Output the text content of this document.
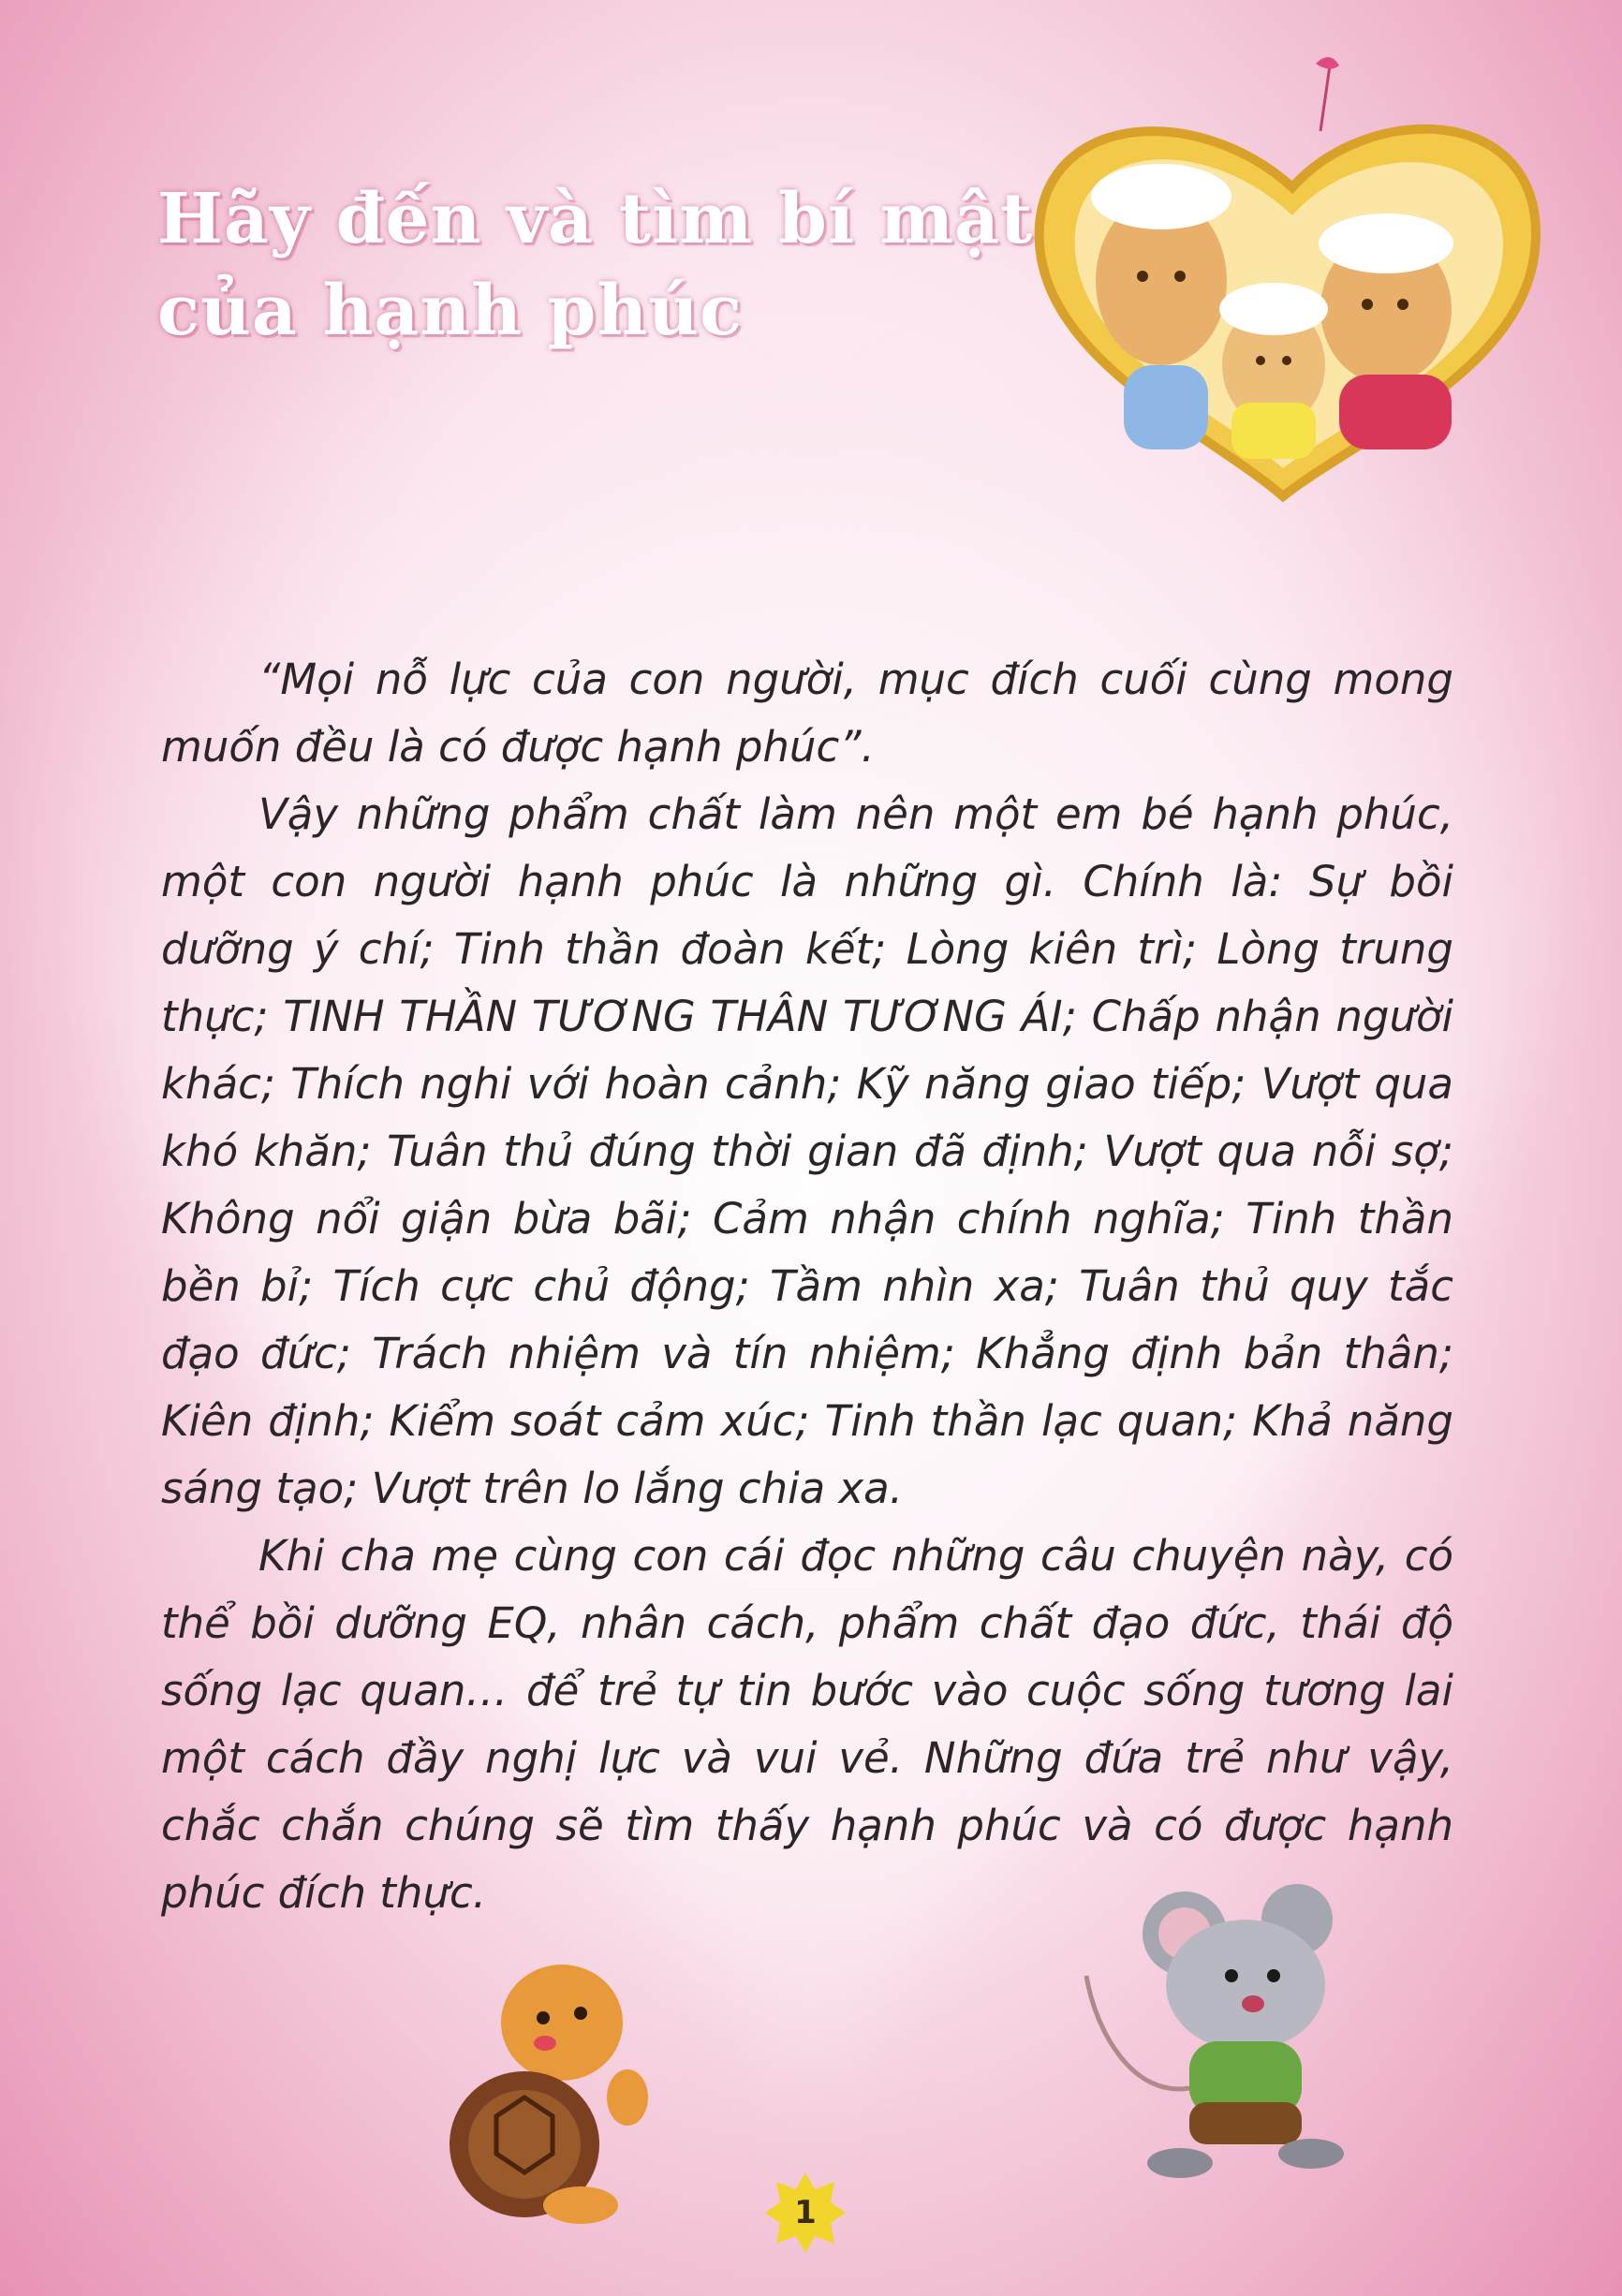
Hãy đến và tìm bí mật
của hạnh phúc

“Mọi nỗ lực của con người, mục đích cuối cùng mong muốn đều là có được hạnh phúc”.

Vậy những phẩm chất làm nên một em bé hạnh phúc, một con người hạnh phúc là những gì. Chính là: Sự bồi dưỡng ý chí; Tinh thần đoàn kết; Lòng kiên trì; Lòng trung thực; TINH THẦN TƯƠNG THÂN TƯƠNG ÁI; Chấp nhận người khác; Thích nghi với hoàn cảnh; Kỹ năng giao tiếp; Vượt qua khó khăn; Tuân thủ đúng thời gian đã định; Vượt qua nỗi sợ; Không nổi giận bừa bãi; Cảm nhận chính nghĩa; Tinh thần bền bỉ; Tích cực chủ động; Tầm nhìn xa; Tuân thủ quy tắc đạo đức; Trách nhiệm và tín nhiệm; Khẳng định bản thân; Kiên định; Kiểm soát cảm xúc; Tinh thần lạc quan; Khả năng sáng tạo; Vượt trên lo lắng chia xa.

Khi cha mẹ cùng con cái đọc những câu chuyện này, có thể bồi dưỡng EQ, nhân cách, phẩm chất đạo đức, thái độ sống lạc quan… để trẻ tự tin bước vào cuộc sống tương lai một cách đầy nghị lực và vui vẻ. Những đứa trẻ như vậy, chắc chắn chúng sẽ tìm thấy hạnh phúc và có được hạnh phúc đích thực.

1
